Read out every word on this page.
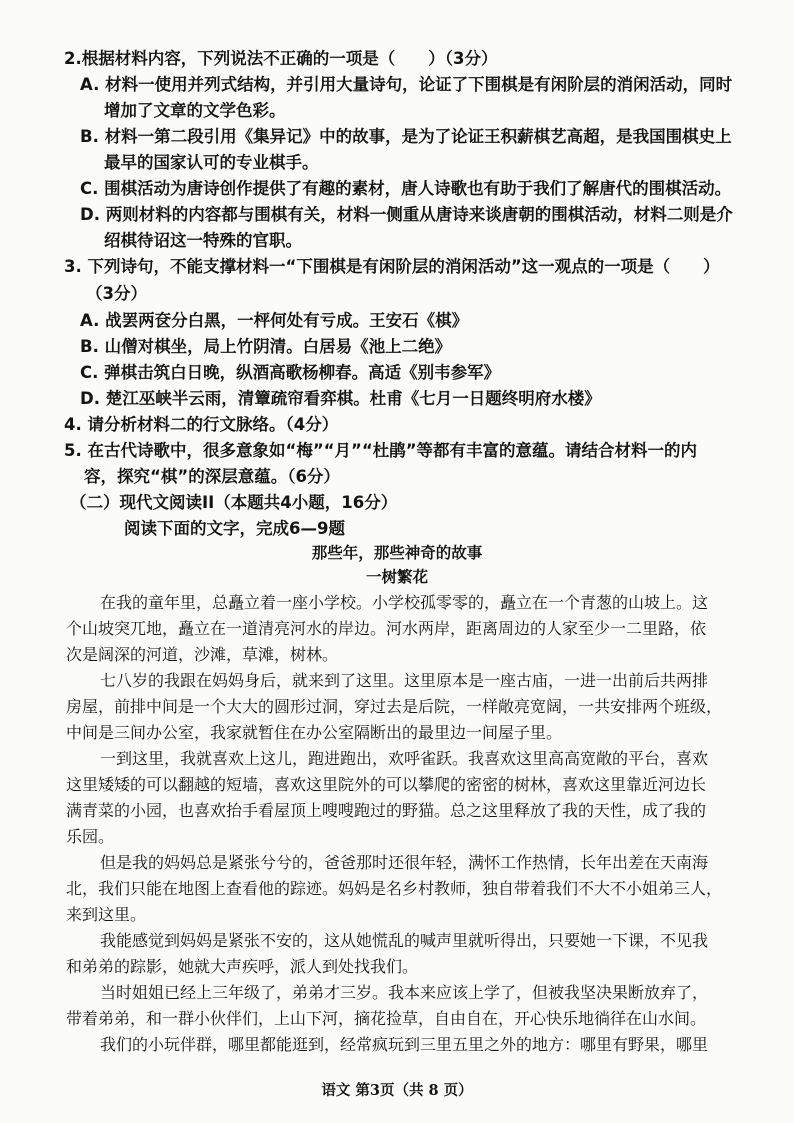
2.根据材料内容，下列说法不正确的一项是（　　）（3分）

A. 材料一使用并列式结构，并引用大量诗句，论证了下围棋是有闲阶层的消闲活动，同时

增加了文章的文学色彩。

B. 材料一第二段引用《集异记》中的故事，是为了论证王积薪棋艺高超，是我国围棋史上

最早的国家认可的专业棋手。

C. 围棋活动为唐诗创作提供了有趣的素材，唐人诗歌也有助于我们了解唐代的围棋活动。

D. 两则材料的内容都与围棋有关，材料一侧重从唐诗来谈唐朝的围棋活动，材料二则是介

绍棋待诏这一特殊的官职。

3. 下列诗句，不能支撑材料一“下围棋是有闲阶层的消闲活动”这一观点的一项是（　　）

（3分）

A. 战罢两奁分白黑，一枰何处有亏成。王安石《棋》

B. 山僧对棋坐，局上竹阴清。白居易《池上二绝》

C. 弹棋击筑白日晚，纵酒高歌杨柳春。高适《别韦参军》

D. 楚江巫峡半云雨，清簟疏帘看弈棋。杜甫《七月一日题终明府水楼》

4. 请分析材料二的行文脉络。（4分）

5. 在古代诗歌中，很多意象如“梅”“月”“杜鹃”等都有丰富的意蕴。请结合材料一的内

容，探究“棋”的深层意蕴。（6分）

（二）现代文阅读II（本题共4小题，16分）

阅读下面的文字，完成6—9题

那些年，那些神奇的故事

一树繁花

在我的童年里，总矗立着一座小学校。小学校孤零零的，矗立在一个青葱的山坡上。这

个山坡突兀地，矗立在一道清亮河水的岸边。河水两岸，距离周边的人家至少一二里路，依

次是阔深的河道，沙滩，草滩，树林。

七八岁的我跟在妈妈身后，就来到了这里。这里原本是一座古庙，一进一出前后共两排

房屋，前排中间是一个大大的圆形过洞，穿过去是后院，一样敞亮宽阔，一共安排两个班级，

中间是三间办公室，我家就暂住在办公室隔断出的最里边一间屋子里。

一到这里，我就喜欢上这儿，跑进跑出，欢呼雀跃。我喜欢这里高高宽敞的平台，喜欢

这里矮矮的可以翻越的短墙，喜欢这里院外的可以攀爬的密密的树林，喜欢这里靠近河边长

满青菜的小园，也喜欢抬手看屋顶上嗖嗖跑过的野猫。总之这里释放了我的天性，成了我的

乐园。

但是我的妈妈总是紧张兮兮的，爸爸那时还很年轻，满怀工作热情，长年出差在天南海

北，我们只能在地图上查看他的踪迹。妈妈是名乡村教师，独自带着我们不大不小姐弟三人，

来到这里。

我能感觉到妈妈是紧张不安的，这从她慌乱的喊声里就听得出，只要她一下课，不见我

和弟弟的踪影，她就大声疾呼，派人到处找我们。

当时姐姐已经上三年级了，弟弟才三岁。我本来应该上学了，但被我坚决果断放弃了，

带着弟弟，和一群小伙伴们，上山下河，摘花捡草，自由自在，开心快乐地徜徉在山水间。

我们的小玩伴群，哪里都能逛到，经常疯玩到三里五里之外的地方：哪里有野果，哪里

语文 第3页（共 8 页）
